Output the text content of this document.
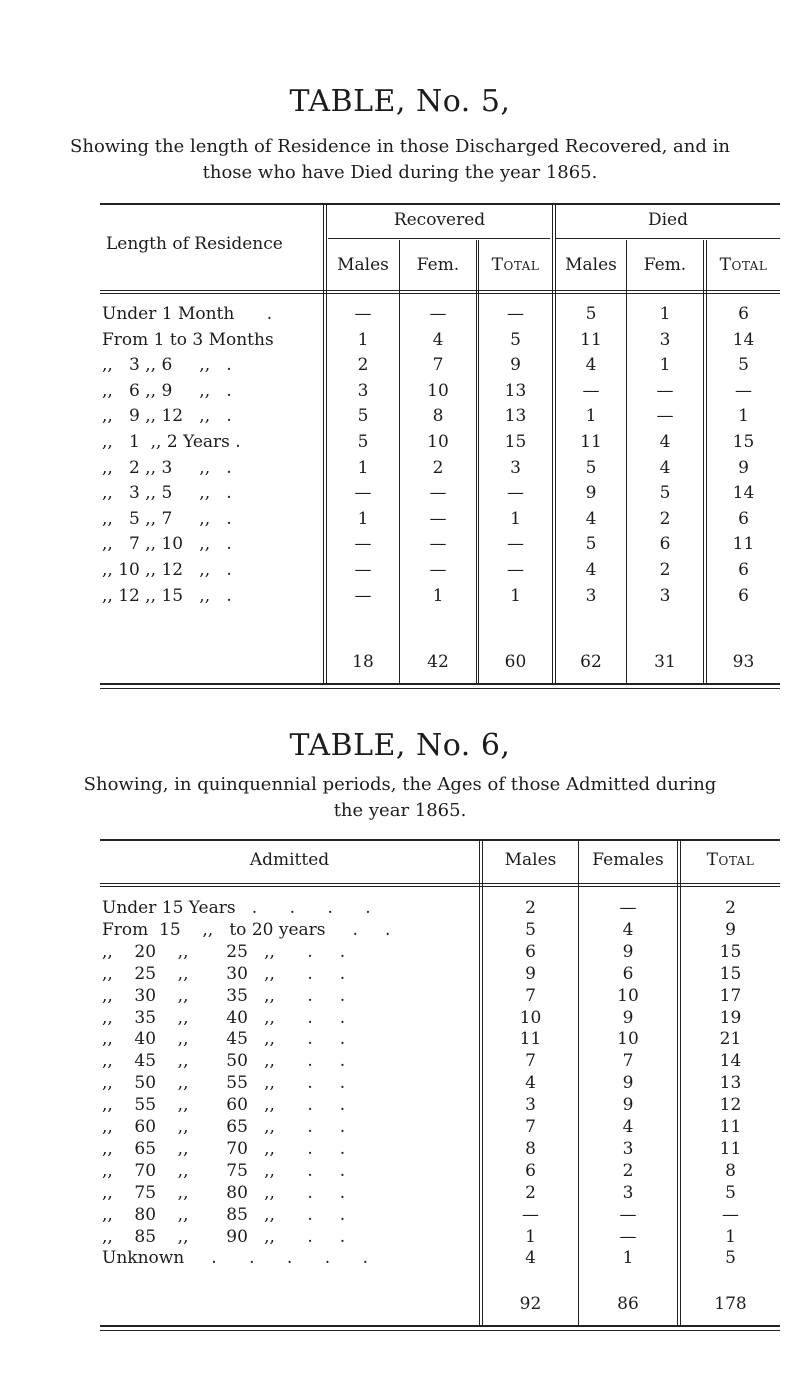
TABLE, No. 5,
Showing the length of Residence in those Discharged Recovered, and in
those who have Died during the year 1865.
Length of Residence
Recovered	Died
Males	Fem.	Total	Males	Fem.	Total
Under 1 Month      .	—	—	—	5	1	6
From 1 to 3 Months	1	4	5	11	3	14
,,   3 ,, 6     ,,   .	2	7	9	4	1	5
,,   6 ,, 9     ,,   .	3	10	13	—	—	—
,,   9 ,, 12   ,,   .	5	8	13	1	—	1
,,   1  ,, 2 Years .	5	10	15	11	4	15
,,   2 ,, 3     ,,   .	1	2	3	5	4	9
,,   3 ,, 5     ,,   .	—	—	—	9	5	14
,,   5 ,, 7     ,,   .	1	—	1	4	2	6
,,   7 ,, 10   ,,   .	—	—	—	5	6	11
,, 10 ,, 12   ,,   .	—	—	—	4	2	6
,, 12 ,, 15   ,,   .	—	1	1	3	3	6
18	42	60	62	31	93
TABLE, No. 6,
Showing, in quinquennial periods, the Ages of those Admitted during
the year 1865.
Admitted	Males	Females	Total
Under 15 Years   .      .      .      .	2	—	2
From  15    ,,   to 20 years     .     .	5	4	9
,,    20    ,,       25   ,,      .     .	6	9	15
,,    25    ,,       30   ,,      .     .	9	6	15
,,    30    ,,       35   ,,      .     .	7	10	17
,,    35    ,,       40   ,,      .     .	10	9	19
,,    40    ,,       45   ,,      .     .	11	10	21
,,    45    ,,       50   ,,      .     .	7	7	14
,,    50    ,,       55   ,,      .     .	4	9	13
,,    55    ,,       60   ,,      .     .	3	9	12
,,    60    ,,       65   ,,      .     .	7	4	11
,,    65    ,,       70   ,,      .     .	8	3	11
,,    70    ,,       75   ,,      .     .	6	2	8
,,    75    ,,       80   ,,      .     .	2	3	5
,,    80    ,,       85   ,,      .     .	—	—	—
,,    85    ,,       90   ,,      .     .	1	—	1
Unknown     .      .      .      .      .	4	1	5
92	86	178
